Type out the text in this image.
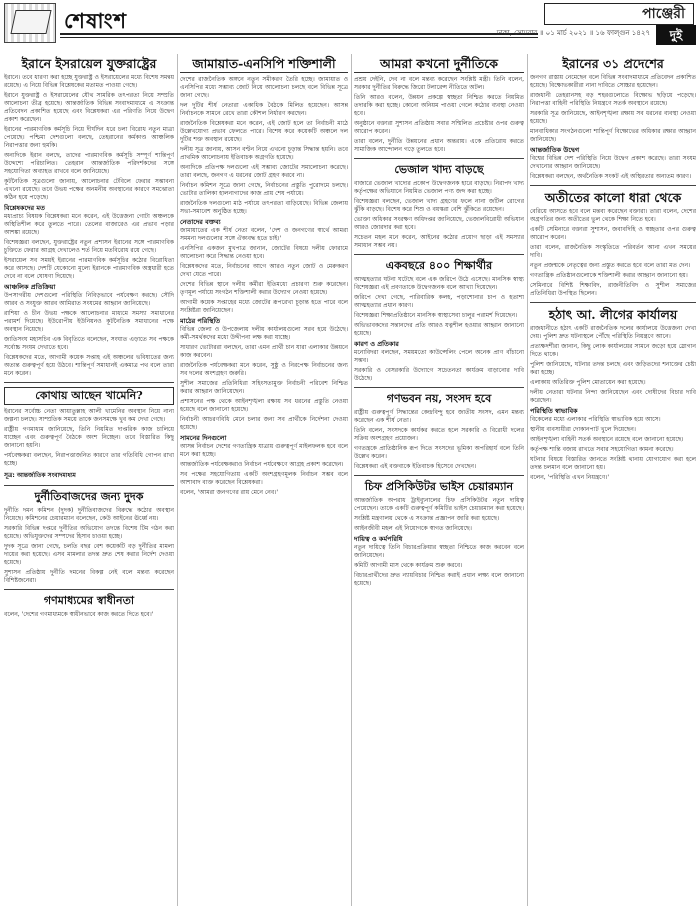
শেষাংশ	পাঞ্জেরী
ঢাকা, সোমবার ॥ ০১ মার্চ ২০২১ ॥ ১৬ ফাল্গুন ১৪২৭	দুই
ইরানে ইসরায়েল যুক্তরাষ্ট্রের
ইরানে। তবে ধারণা করা হচ্ছে যুক্তরাষ্ট্র ও ইসরায়েলের মধ্যে বিশেষ সমন্বয় রয়েছে। এ নিয়ে বিভিন্ন বিশ্লেষকের মতামত পাওয়া গেছে।
ইরানে যুক্তরাষ্ট্র ও ইসরায়েলের যৌথ সামরিক তৎপরতা নিয়ে সম্প্রতি আলোচনা তীব্র হয়েছে। আন্তর্জাতিক বিভিন্ন সংবাদমাধ্যমে এ সংক্রান্ত প্রতিবেদন প্রকাশিত হয়েছে এবং বিশ্লেষকরা এর পরিণতি নিয়ে উদ্বেগ প্রকাশ করেছেন।
ইরানের পারমাণবিক কর্মসূচি নিয়ে দীর্ঘদিন ধরে চলা বিরোধ নতুন মাত্রা পেয়েছে। পশ্চিমা দেশগুলো বলছে, তেহরানের কর্মকাণ্ড আঞ্চলিক নিরাপত্তার জন্য হুমকি।
অন্যদিকে ইরান বলছে, তাদের পারমাণবিক কর্মসূচি সম্পূর্ণ শান্তিপূর্ণ উদ্দেশ্যে পরিচালিত। তেহরান আন্তর্জাতিক পরিদর্শকদের সঙ্গে সহযোগিতা অব্যাহত রাখবে বলে জানিয়েছে।
কূটনৈতিক সূত্রগুলো জানায়, আলোচনার টেবিলে ফেরার সম্ভাবনা এখনো রয়েছে। তবে উভয় পক্ষের অনমনীয় অবস্থানের কারণে সমঝোতা কঠিন হয়ে পড়েছে।
বিশ্লেষকদের মত
মধ্যপ্রাচ্য বিষয়ক বিশ্লেষকরা মনে করেন, এই উত্তেজনা গোটা অঞ্চলকে অস্থিতিশীল করে তুলতে পারে। তেলের বাজারেও এর প্রভাব পড়ার আশঙ্কা রয়েছে।
বিশেষজ্ঞরা বলছেন, যুক্তরাষ্ট্রের নতুন প্রশাসন ইরানের সঙ্গে পারমাণবিক চুক্তিতে ফেরার আগ্রহ দেখালেও শর্ত নিয়ে মতবিরোধ রয়ে গেছে।
ইসরায়েল সব সময়ই ইরানের পারমাণবিক কর্মসূচির কঠোর বিরোধিতা করে আসছে। দেশটি যেকোনো মূল্যে ইরানকে পারমাণবিক অস্ত্রধারী হতে দেবে না বলে ঘোষণা দিয়েছে।
আঞ্চলিক প্রতিক্রিয়া
উপসাগরীয় দেশগুলো পরিস্থিতি নিবিড়ভাবে পর্যবেক্ষণ করছে। সৌদি আরব ও সংযুক্ত আরব আমিরাত সংযমের আহ্বান জানিয়েছে।
রাশিয়া ও চীন উভয় পক্ষকে আলোচনার মাধ্যমে সমস্যা সমাধানের পরামর্শ দিয়েছে। ইউরোপীয় ইউনিয়নও কূটনৈতিক সমাধানের পক্ষে অবস্থান নিয়েছে।
জাতিসংঘ মহাসচিব এক বিবৃতিতে বলেছেন, সংঘাত এড়াতে সব পক্ষকে সর্বোচ্চ সংযম দেখাতে হবে।
বিশ্লেষকদের মতে, আগামী কয়েক সপ্তাহ এই অঞ্চলের ভবিষ্যতের জন্য অত্যন্ত গুরুত্বপূর্ণ হয়ে উঠবে। শান্তিপূর্ণ সমাধানই একমাত্র পথ বলে তারা মনে করেন।
কোথায় আছেন খামেনি?
ইরানের সর্বোচ্চ নেতা আয়াতুল্লাহ আলী খামেনির অবস্থান নিয়ে নানা জল্পনা চলছে। সাম্প্রতিক সময়ে তাকে জনসমক্ষে খুব কম দেখা গেছে।
রাষ্ট্রীয় গণমাধ্যম জানিয়েছে, তিনি নিয়মিত দাপ্তরিক কাজ চালিয়ে যাচ্ছেন এবং গুরুত্বপূর্ণ বৈঠকে অংশ নিচ্ছেন। তবে বিস্তারিত কিছু জানানো হয়নি।
পর্যবেক্ষকরা বলছেন, নিরাপত্তাজনিত কারণে তার গতিবিধি গোপন রাখা হচ্ছে।
সূত্র: আন্তর্জাতিক সংবাদমাধ্যম
দুর্নীতিবাজদের জন্য দুদক
দুর্নীতি দমন কমিশন (দুদক) দুর্নীতিবাজদের বিরুদ্ধে কঠোর অবস্থান নিয়েছে। কমিশনের চেয়ারম্যান বলেছেন, কেউ আইনের ঊর্ধ্বে নয়।
সরকারি বিভিন্ন দপ্তরে দুর্নীতির অভিযোগ তদন্তে বিশেষ টিম গঠন করা হয়েছে। অভিযুক্তদের সম্পদের হিসাব চাওয়া হচ্ছে।
দুদক সূত্রে জানা গেছে, চলতি বছর বেশ কয়েকটি বড় দুর্নীতির মামলা দায়ের করা হয়েছে। এসব মামলার তদন্ত দ্রুত শেষ করার নির্দেশ দেওয়া হয়েছে।
সুশাসন প্রতিষ্ঠায় দুর্নীতি দমনের বিকল্প নেই বলে মন্তব্য করেছেন বিশিষ্টজনেরা।
গণমাধ্যমের স্বাধীনতা
বলেন, 'দেশের গণমাধ্যমকে স্বাধীনভাবে কাজ করতে দিতে হবে।'
জামায়াত-এনসিপি শক্তিশালী
দেশের রাজনৈতিক অঙ্গনে নতুন সমীকরণ তৈরি হচ্ছে। জামায়াত ও এনসিপির মধ্যে সম্ভাব্য জোট নিয়ে আলোচনা চলছে বলে বিভিন্ন সূত্রে জানা গেছে।
দল দুটির শীর্ষ নেতারা একাধিক বৈঠকে মিলিত হয়েছেন। আসন্ন নির্বাচনকে সামনে রেখে তারা কৌশল নির্ধারণ করছেন।
রাজনৈতিক বিশ্লেষকরা মনে করেন, এই জোট হলে তা নির্বাচনী মাঠে উল্লেখযোগ্য প্রভাব ফেলতে পারে। বিশেষ করে কয়েকটি অঞ্চলে দল দুটির শক্ত অবস্থান রয়েছে।
দলীয় সূত্র জানায়, আসন বণ্টন নিয়ে এখনো চূড়ান্ত সিদ্ধান্ত হয়নি। তবে প্রাথমিক আলোচনায় ইতিবাচক অগ্রগতি হয়েছে।
অন্যদিকে প্রতিপক্ষ দলগুলো এই সম্ভাব্য জোটের সমালোচনা করেছে। তারা বলছে, জনগণ এ ধরনের জোট গ্রহণ করবে না।
নির্বাচন কমিশন সূত্রে জানা গেছে, নির্বাচনের প্রস্তুতি পুরোদমে চলছে। ভোটার তালিকা হালনাগাদের কাজ প্রায় শেষ পর্যায়ে।
রাজনৈতিক দলগুলো মাঠ পর্যায়ে তৎপরতা বাড়িয়েছে। বিভিন্ন জেলায় সভা-সমাবেশ অনুষ্ঠিত হচ্ছে।
নেতাদের বক্তব্য
জামায়াতের এক শীর্ষ নেতা বলেন, 'দেশ ও জনগণের স্বার্থে আমরা সমমনা দলগুলোর সঙ্গে ঐক্যবদ্ধ হতে চাই।'
এনসিপির একজন মুখপাত্র জানান, জোটের বিষয়ে দলীয় ফোরামে আলোচনা করে সিদ্ধান্ত নেওয়া হবে।
বিশ্লেষকদের মতে, নির্বাচনের আগে আরও নতুন জোট ও মেরুকরণ দেখা যেতে পারে।
দেশের বিভিন্ন স্থানে দলীয় কর্মীরা ইতিমধ্যে প্রচারণা শুরু করেছেন। তৃণমূল পর্যায়ে সংগঠন শক্তিশালী করার উদ্যোগ নেওয়া হয়েছে।
আগামী কয়েক সপ্তাহের মধ্যে জোটের রূপরেখা চূড়ান্ত হতে পারে বলে সংশ্লিষ্টরা জানিয়েছেন।
মাঠের পরিস্থিতি
বিভিন্ন জেলা ও উপজেলায় দলীয় কার্যালয়গুলো সরব হয়ে উঠেছে। কর্মী-সমর্থকদের মধ্যে উদ্দীপনা লক্ষ করা যাচ্ছে।
সাধারণ ভোটাররা বলছেন, তারা এমন প্রার্থী চান যারা এলাকার উন্নয়নে কাজ করবেন।
রাজনৈতিক পর্যবেক্ষকরা মনে করেন, সুষ্ঠু ও নিরপেক্ষ নির্বাচনের জন্য সব দলের অংশগ্রহণ জরুরি।
সুশীল সমাজের প্রতিনিধিরা সহিংসতামুক্ত নির্বাচনী পরিবেশ নিশ্চিত করার আহ্বান জানিয়েছেন।
প্রশাসনের পক্ষ থেকে আইনশৃঙ্খলা রক্ষায় সব ধরনের প্রস্তুতি নেওয়া হয়েছে বলে জানানো হয়েছে।
নির্বাচনী আচরণবিধি মেনে চলার জন্য সব প্রার্থীকে নির্দেশনা দেওয়া হয়েছে।
সামনের দিনগুলো
আসন্ন নির্বাচন দেশের গণতান্ত্রিক যাত্রায় গুরুত্বপূর্ণ মাইলফলক হবে বলে মনে করা হচ্ছে।
আন্তর্জাতিক পর্যবেক্ষকরাও নির্বাচন পর্যবেক্ষণে আগ্রহ প্রকাশ করেছেন।
সব পক্ষের সহযোগিতায় একটি অংশগ্রহণমূলক নির্বাচন সম্ভব বলে আশাবাদ ব্যক্ত করেছেন বিশ্লেষকরা।
বলেন, 'আমরা জনগণের রায় মেনে নেব।'
আমরা কখনো দুর্নীতিকে
প্রশ্রয় দেইনি, দেব না বলে মন্তব্য করেছেন সংশ্লিষ্ট মন্ত্রী। তিনি বলেন, সরকার দুর্নীতির বিরুদ্ধে জিরো টলারেন্স নীতিতে অটল।
তিনি আরও বলেন, উন্নয়ন প্রকল্পে স্বচ্ছতা নিশ্চিত করতে নিয়মিত তদারকি করা হচ্ছে। কোনো অনিয়ম পাওয়া গেলে কঠোর ব্যবস্থা নেওয়া হবে।
অনুষ্ঠানে বক্তারা সুশাসন প্রতিষ্ঠায় সবার সম্মিলিত প্রচেষ্টার ওপর গুরুত্ব আরোপ করেন।
তারা বলেন, দুর্নীতি উন্নয়নের প্রধান অন্তরায়। একে প্রতিরোধ করতে সামাজিক আন্দোলন গড়ে তুলতে হবে।
ভেজাল খাদ্য বাড়ছে
বাজারে ভেজাল খাদ্যের প্রকোপ উদ্বেগজনক হারে বাড়ছে। নিরাপদ খাদ্য কর্তৃপক্ষের অভিযানে নিয়মিত ভেজাল পণ্য জব্দ করা হচ্ছে।
বিশেষজ্ঞরা বলছেন, ভেজাল খাদ্য গ্রহণের ফলে নানা জটিল রোগের ঝুঁকি বাড়ছে। বিশেষ করে শিশু ও বয়স্করা বেশি ঝুঁকিতে রয়েছেন।
ভোক্তা অধিকার সংরক্ষণ অধিদপ্তর জানিয়েছে, ভেজালবিরোধী অভিযান আরও জোরদার করা হবে।
সচেতন মহল মনে করেন, আইনের কঠোর প্রয়োগ ছাড়া এই সমস্যার সমাধান সম্ভব নয়।
একবছরে ৪০০ শিক্ষার্থীর
আত্মহত্যার ঘটনা ঘটেছে বলে এক জরিপে উঠে এসেছে। মানসিক স্বাস্থ্য বিশেষজ্ঞরা এই প্রবণতাকে উদ্বেগজনক বলে আখ্যা দিয়েছেন।
জরিপে দেখা গেছে, পারিবারিক কলহ, পড়াশোনার চাপ ও হতাশা আত্মহত্যার প্রধান কারণ।
বিশেষজ্ঞরা শিক্ষাপ্রতিষ্ঠানে মানসিক স্বাস্থ্যসেবা চালুর পরামর্শ দিয়েছেন।
অভিভাবকদের সন্তানদের প্রতি আরও যত্নশীল হওয়ার আহ্বান জানানো হয়েছে।
কারণ ও প্রতিকার
মনোবিদরা বলছেন, সময়মতো কাউন্সেলিং পেলে অনেক প্রাণ বাঁচানো সম্ভব।
সরকারি ও বেসরকারি উদ্যোগে সচেতনতা কার্যক্রম বাড়ানোর দাবি উঠেছে।
গণভবন নয়, সংসদ হবে
রাষ্ট্রীয় গুরুত্বপূর্ণ সিদ্ধান্তের কেন্দ্রবিন্দু হবে জাতীয় সংসদ, এমন মন্তব্য করেছেন এক শীর্ষ নেতা।
তিনি বলেন, সংসদকে কার্যকর করতে হলে সরকারি ও বিরোধী দলের সক্রিয় অংশগ্রহণ প্রয়োজন।
গণতন্ত্রকে প্রাতিষ্ঠানিক রূপ দিতে সংসদের ভূমিকা অপরিহার্য বলে তিনি উল্লেখ করেন।
বিশ্লেষকরা এই বক্তব্যকে ইতিবাচক হিসেবে দেখছেন।
চিফ প্রসিকিউটর ভাইস চেয়ারম্যান
আন্তর্জাতিক অপরাধ ট্রাইব্যুনালের চিফ প্রসিকিউটর নতুন দায়িত্ব পেয়েছেন। তাকে একটি গুরুত্বপূর্ণ কমিটির ভাইস চেয়ারম্যান করা হয়েছে।
সংশ্লিষ্ট মন্ত্রণালয় থেকে এ সংক্রান্ত প্রজ্ঞাপন জারি করা হয়েছে।
আইনজীবী মহল এই নিয়োগকে স্বাগত জানিয়েছে।
দায়িত্ব ও কর্মপরিধি
নতুন দায়িত্বে তিনি বিচারপ্রক্রিয়ার স্বচ্ছতা নিশ্চিতে কাজ করবেন বলে জানিয়েছেন।
কমিটি আগামী মাস থেকে কার্যক্রম শুরু করবে।
বিচারপ্রার্থীদের দ্রুত ন্যায়বিচার নিশ্চিত করাই প্রধান লক্ষ্য বলে জানানো হয়েছে।
ইরানের ৩১ প্রদেশের
জনগণ রাস্তায় নেমেছেন বলে বিভিন্ন সংবাদমাধ্যমে প্রতিবেদন প্রকাশিত হয়েছে। বিক্ষোভকারীরা নানা দাবিতে সোচ্চার হয়েছেন।
রাজধানী তেহরানসহ বড় শহরগুলোতে বিক্ষোভ ছড়িয়ে পড়েছে। নিরাপত্তা বাহিনী পরিস্থিতি নিয়ন্ত্রণে সতর্ক অবস্থানে রয়েছে।
সরকারি সূত্র জানিয়েছে, আইনশৃঙ্খলা রক্ষায় সব ধরনের ব্যবস্থা নেওয়া হয়েছে।
মানবাধিকার সংগঠনগুলো শান্তিপূর্ণ বিক্ষোভের অধিকার রক্ষার আহ্বান জানিয়েছে।
আন্তর্জাতিক উদ্বেগ
বিশ্বের বিভিন্ন দেশ পরিস্থিতি নিয়ে উদ্বেগ প্রকাশ করেছে। তারা সংযম দেখানোর আহ্বান জানিয়েছে।
বিশ্লেষকরা বলছেন, অর্থনৈতিক সংকট এই অস্থিরতার অন্যতম কারণ।
অতীতের কালো ধারা থেকে
বেরিয়ে আসতে হবে বলে মন্তব্য করেছেন বক্তারা। তারা বলেন, দেশের অগ্রগতির জন্য অতীতের ভুল থেকে শিক্ষা নিতে হবে।
একটি সেমিনারে বক্তারা সুশাসন, জবাবদিহি ও স্বচ্ছতার ওপর গুরুত্ব আরোপ করেন।
তারা বলেন, রাজনৈতিক সংস্কৃতিতে পরিবর্তন আনা এখন সময়ের দাবি।
নতুন প্রজন্মকে নেতৃত্বের জন্য প্রস্তুত করতে হবে বলে তারা মত দেন।
গণতান্ত্রিক প্রতিষ্ঠানগুলোকে শক্তিশালী করার আহ্বান জানানো হয়।
সেমিনারে বিশিষ্ট শিক্ষাবিদ, রাজনীতিবিদ ও সুশীল সমাজের প্রতিনিধিরা উপস্থিত ছিলেন।
হঠাৎ আ. লীগের কার্যালয়
রাজধানীতে হঠাৎ একটি রাজনৈতিক দলের কার্যালয়ে উত্তেজনা দেখা দেয়। পুলিশ দ্রুত ঘটনাস্থলে পৌঁছে পরিস্থিতি নিয়ন্ত্রণে আনে।
প্রত্যক্ষদর্শীরা জানান, কিছু লোক কার্যালয়ের সামনে জড়ো হয়ে স্লোগান দিতে থাকে।
পুলিশ জানিয়েছে, ঘটনার তদন্ত চলছে এবং জড়িতদের শনাক্তের চেষ্টা করা হচ্ছে।
এলাকায় অতিরিক্ত পুলিশ মোতায়েন করা হয়েছে।
দলীয় নেতারা ঘটনার নিন্দা জানিয়েছেন এবং দোষীদের বিচার দাবি করেছেন।
পরিস্থিতি স্বাভাবিক
বিকেলের মধ্যে এলাকার পরিস্থিতি স্বাভাবিক হয়ে আসে।
স্থানীয় ব্যবসায়ীরা দোকানপাট খুলে দিয়েছেন।
আইনশৃঙ্খলা বাহিনী সতর্ক অবস্থানে রয়েছে বলে জানানো হয়েছে।
কর্তৃপক্ষ শান্তি বজায় রাখতে সবার সহযোগিতা কামনা করেছে।
ঘটনার বিষয়ে বিস্তারিত জানতে সংশ্লিষ্ট থানায় যোগাযোগ করা হলে তদন্ত চলমান বলে জানানো হয়।
বলেন, 'পরিস্থিতি এখন নিয়ন্ত্রণে।'
